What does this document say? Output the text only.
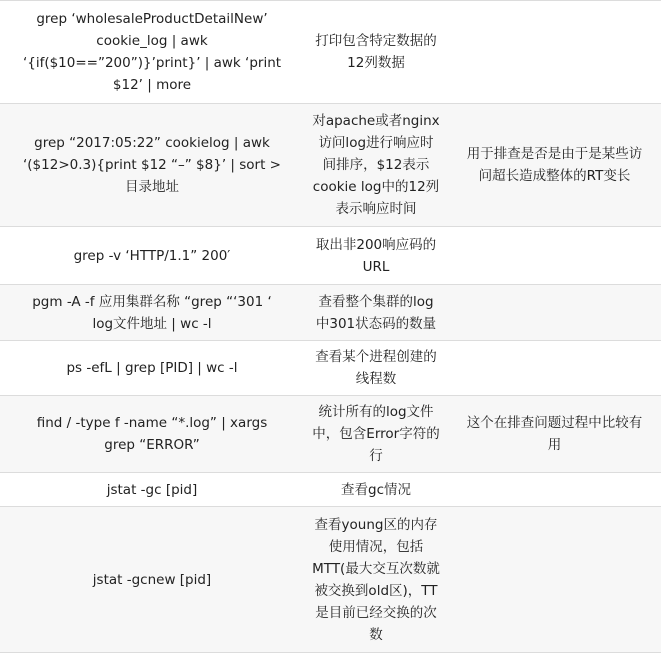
grep ‘wholesaleProductDetailNew’
cookie_log | awk
‘{if($10==”200”)}’print}’ | awk ‘print
$12’ | more
打印包含特定数据的
12列数据
grep “2017:05:22” cookielog | awk
‘($12>0.3){print $12 “–” $8}’ | sort >
目录地址
对apache或者nginx
访问log进行响应时
间排序，$12表示
cookie log中的12列
表示响应时间
用于排查是否是由于是某些访
问超长造成整体的RT变长
grep -v ‘HTTP/1.1” 200′
取出非200响应码的
URL
pgm -A -f 应用集群名称 “grep “‘301 ‘
log文件地址 | wc -l
查看整个集群的log
中301状态码的数量
ps -efL | grep [PID] | wc -l
查看某个进程创建的
线程数
find / -type f -name “*.log” | xargs
grep “ERROR”
统计所有的log文件
中，包含Error字符的
行
这个在排查问题过程中比较有
用
jstat -gc [pid]	查看gc情况
jstat -gcnew [pid]
查看young区的内存
使用情况，包括
MTT(最大交互次数就
被交换到old区)，TT
是目前已经交换的次
数
